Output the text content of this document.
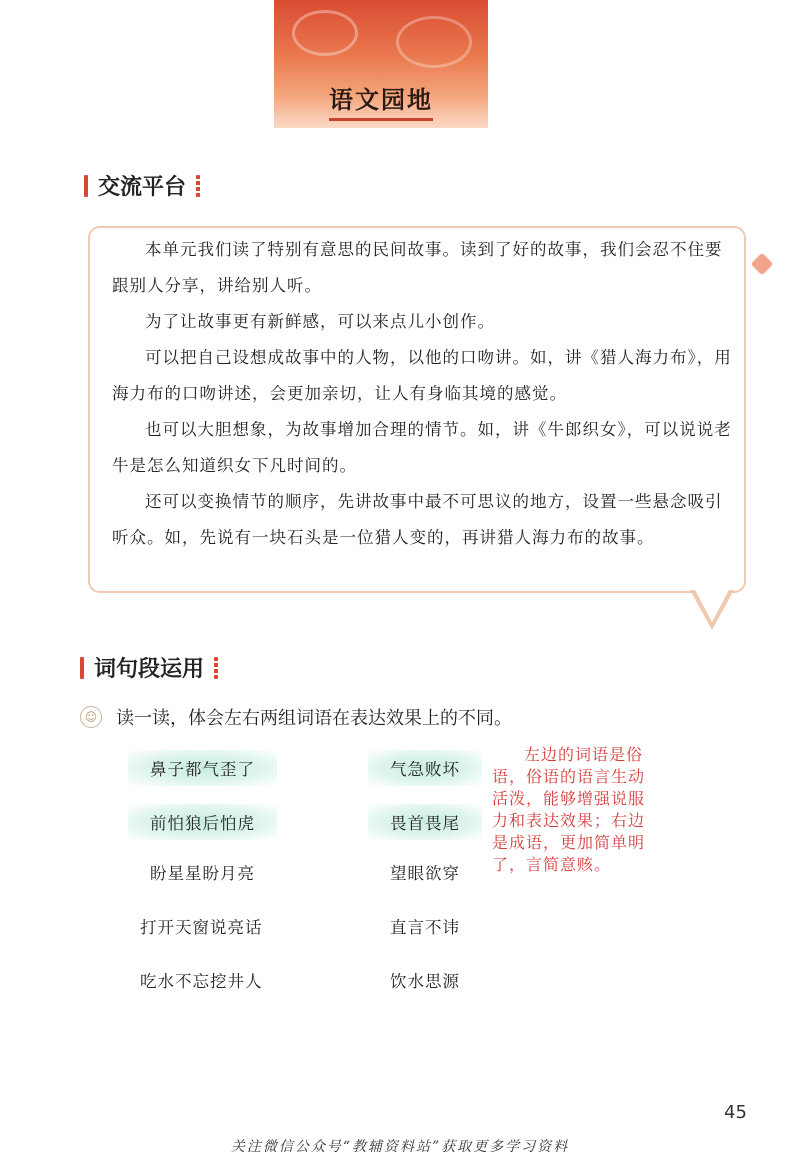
语文园地
交流平台

本单元我们读了特别有意思的民间故事。读到了好的故事，我们会忍不住要跟别人分享，讲给别人听。

为了让故事更有新鲜感，可以来点儿小创作。

可以把自己设想成故事中的人物，以他的口吻讲。如，讲《猎人海力布》，用海力布的口吻讲述，会更加亲切，让人有身临其境的感觉。

也可以大胆想象，为故事增加合理的情节。如，讲《牛郎织女》，可以说说老牛是怎么知道织女下凡时间的。

还可以变换情节的顺序，先讲故事中最不可思议的地方，设置一些悬念吸引听众。如，先说有一块石头是一位猎人变的，再讲猎人海力布的故事。

词句段运用
☺ 读一读，体会左右两组词语在表达效果上的不同。
鼻子都气歪了
前怕狼后怕虎
盼星星盼月亮
打开天窗说亮话
吃水不忘挖井人
气急败坏
畏首畏尾
望眼欲穿
直言不讳
饮水思源

左边的词语是俗语，俗语的语言生动活泼，能够增强说服力和表达效果；右边是成语，更加简单明了，言简意赅。

45
关注微信公众号“教辅资料站”获取更多学习资料
